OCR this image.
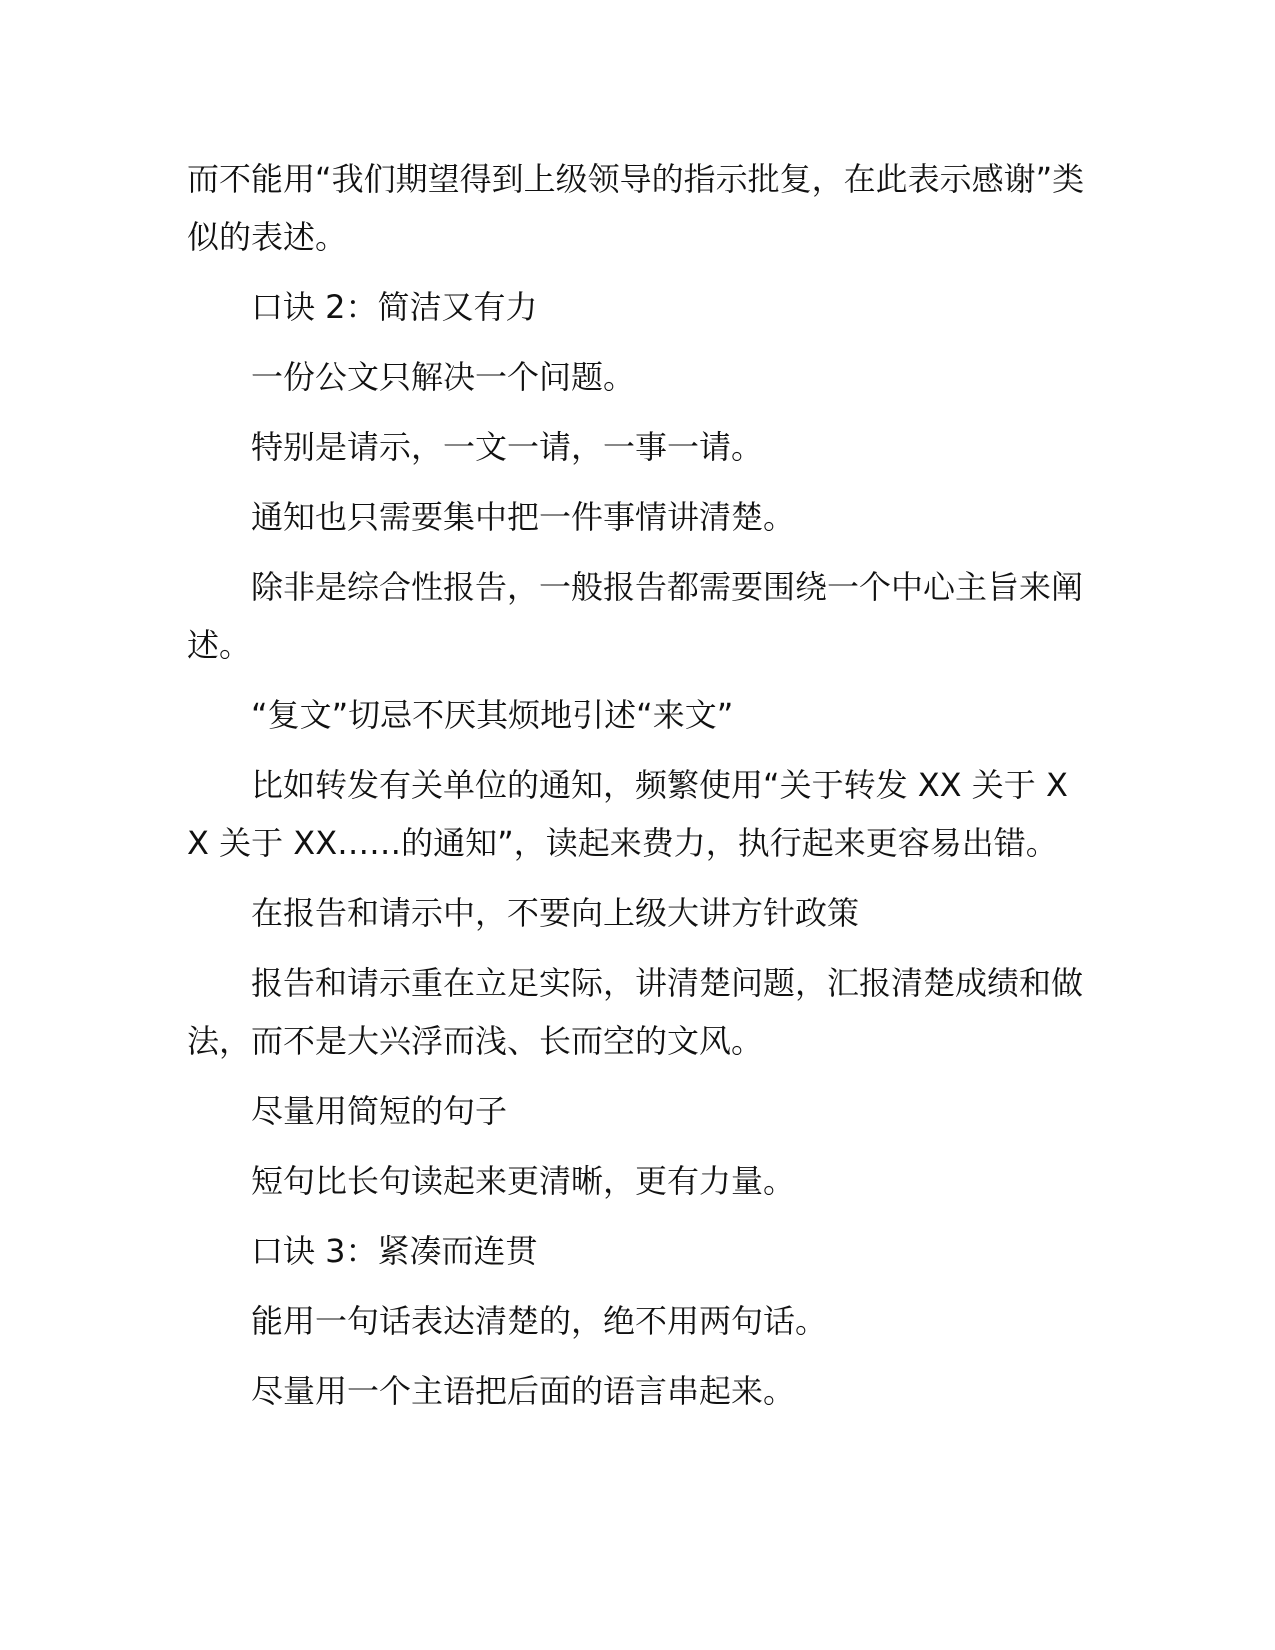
而不能用“我们期望得到上级领导的指示批复，在此表示感谢”类似的表述。

口诀 2：简洁又有力

一份公文只解决一个问题。

特别是请示，一文一请，一事一请。

通知也只需要集中把一件事情讲清楚。

除非是综合性报告，一般报告都需要围绕一个中心主旨来阐述。

“复文”切忌不厌其烦地引述“来文”

比如转发有关单位的通知，频繁使用“关于转发 XX 关于 XX 关于 XX……的通知”，读起来费力，执行起来更容易出错。

在报告和请示中，不要向上级大讲方针政策

报告和请示重在立足实际，讲清楚问题，汇报清楚成绩和做法，而不是大兴浮而浅、长而空的文风。

尽量用简短的句子

短句比长句读起来更清晰，更有力量。

口诀 3：紧凑而连贯

能用一句话表达清楚的，绝不用两句话。

尽量用一个主语把后面的语言串起来。
